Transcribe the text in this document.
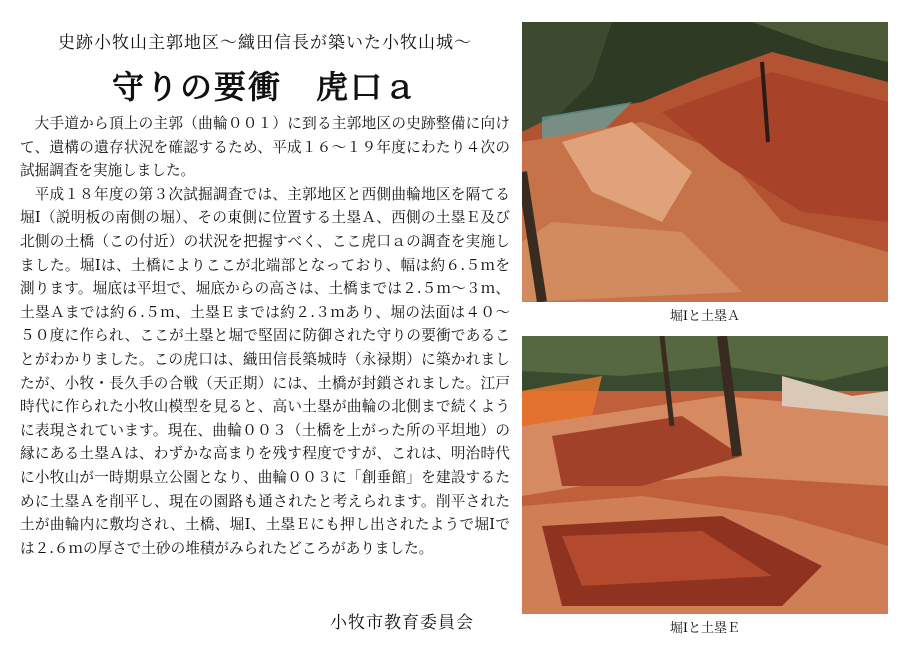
史跡小牧山主郭地区～織田信長が築いた小牧山城～
守りの要衝　虎口ａ

大手道から頂上の主郭（曲輪００１）に到る主郭地区の史跡整備に向けて、遺構の遺存状況を確認するため、平成１６～１９年度にわたり４次の試掘調査を実施しました。

平成１８年度の第３次試掘調査では、主郭地区と西側曲輪地区を隔てる堀Ⅰ（説明板の南側の堀）、その東側に位置する土塁Ａ、西側の土塁Ｅ及び北側の土橋（この付近）の状況を把握すべく、ここ虎口ａの調査を実施しました。堀Ⅰは、土橋によりここが北端部となっており、幅は約６.５ｍを測ります。堀底は平坦で、堀底からの高さは、土橋までは２.５ｍ～３ｍ、土塁Ａまでは約６.５ｍ、土塁Ｅまでは約２.３ｍあり、堀の法面は４０～５０度に作られ、ここが土塁と堀で堅固に防御された守りの要衝であることがわかりました。この虎口は、織田信長築城時（永禄期）に築かれましたが、小牧・長久手の合戦（天正期）には、土橋が封鎖されました。江戸時代に作られた小牧山模型を見ると、高い土塁が曲輪の北側まで続くように表現されています。現在、曲輪００３（土橋を上がった所の平坦地）の縁にある土塁Ａは、わずかな高まりを残す程度ですが、これは、明治時代に小牧山が一時期県立公園となり、曲輪００３に「創垂館」を建設するために土塁Ａを削平し、現在の園路も通されたと考えられます。削平された土が曲輪内に敷均され、土橋、堀Ⅰ、土塁Ｅにも押し出されたようで堀Ⅰでは２.６ｍの厚さで土砂の堆積がみられたどころがありました。

小牧市教育委員会
堀Ⅰと土塁Ａ
堀Ⅰと土塁Ｅ
